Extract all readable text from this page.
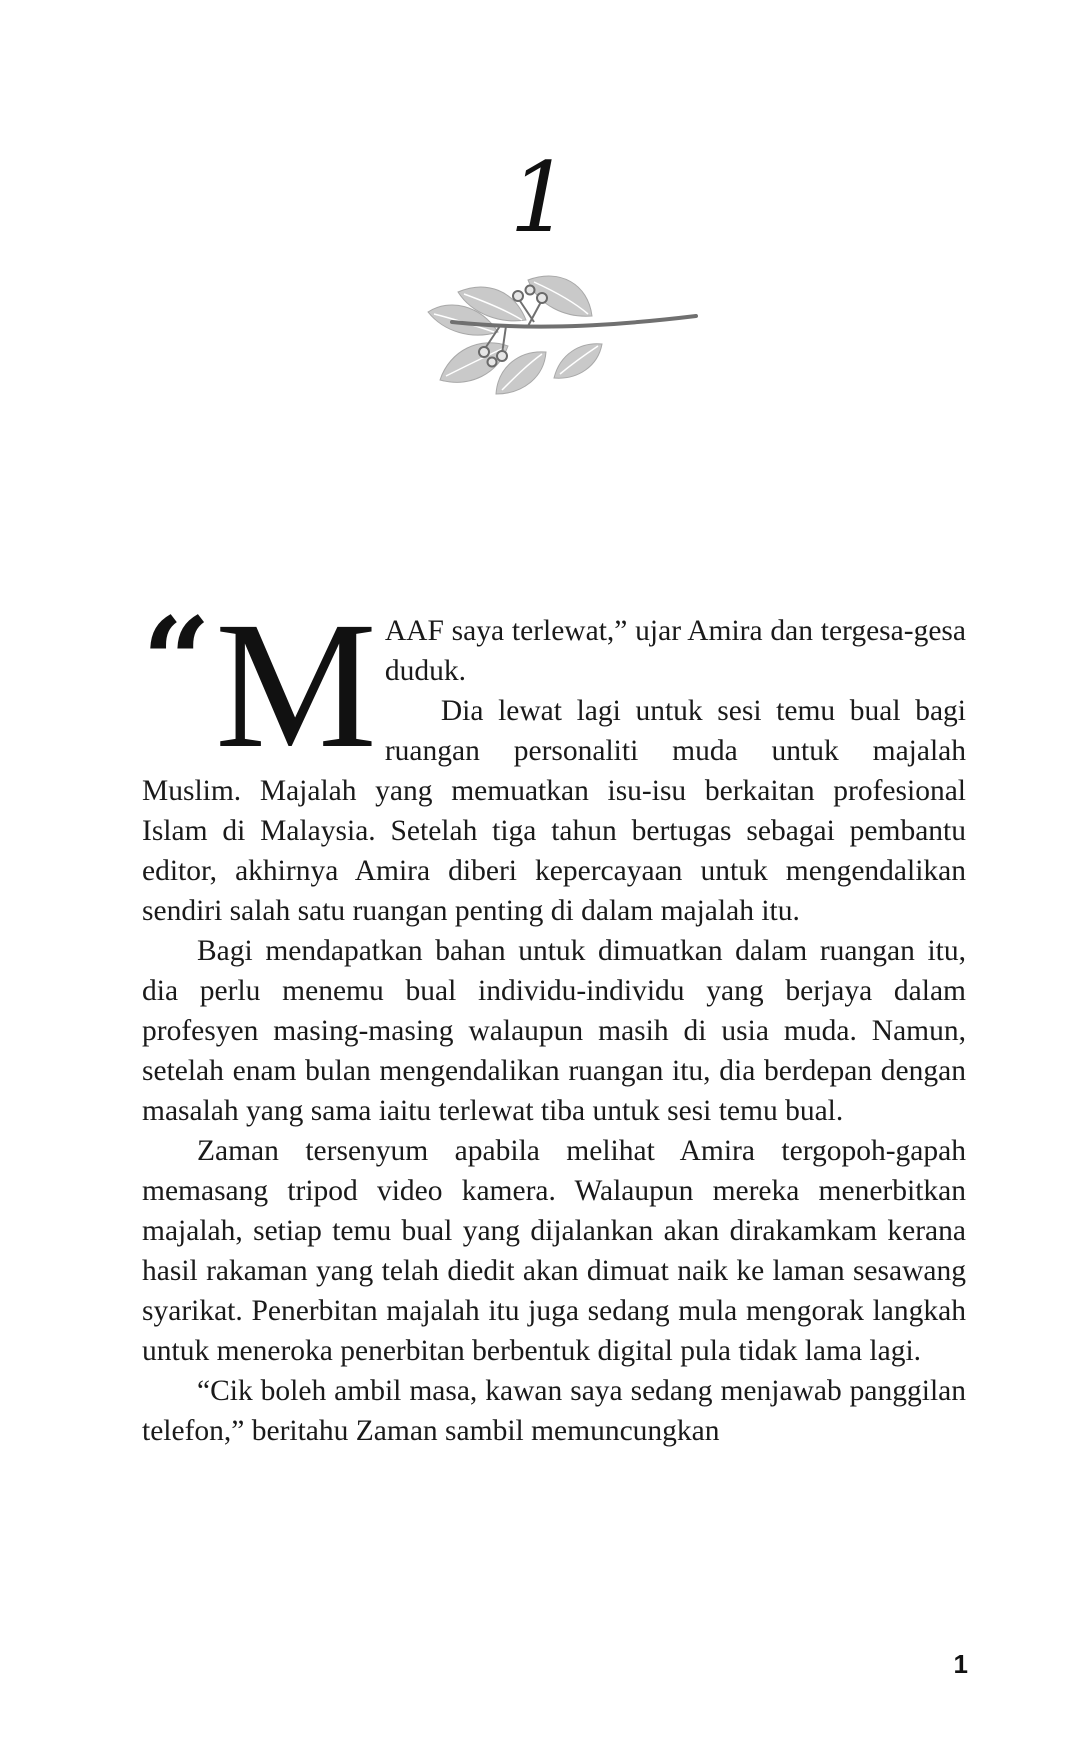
1

“ M AAF saya terlewat,” ujar Amira dan tergesa-gesa duduk.

Dia lewat lagi untuk sesi temu bual bagi ruangan personaliti muda untuk majalah Muslim. Majalah yang memuatkan isu-isu berkaitan profesional Islam di Malaysia. Setelah tiga tahun bertugas sebagai pembantu editor, akhirnya Amira diberi kepercayaan untuk mengendalikan sendiri salah satu ruangan penting di dalam majalah itu.

Bagi mendapatkan bahan untuk dimuatkan dalam ruangan itu, dia perlu menemu bual individu-individu yang berjaya dalam profesyen masing-masing walaupun masih di usia muda. Namun, setelah enam bulan mengendalikan ruangan itu, dia berdepan dengan masalah yang sama iaitu terlewat tiba untuk sesi temu bual.

Zaman tersenyum apabila melihat Amira tergopoh-gapah memasang tripod video kamera. Walaupun mereka menerbitkan majalah, setiap temu bual yang dijalankan akan dirakamkam kerana hasil rakaman yang telah diedit akan dimuat naik ke laman sesawang syarikat. Penerbitan majalah itu juga sedang mula mengorak langkah untuk meneroka penerbitan berbentuk digital pula tidak lama lagi.

“Cik boleh ambil masa, kawan saya sedang menjawab panggilan telefon,” beritahu Zaman sambil memuncungkan

1
